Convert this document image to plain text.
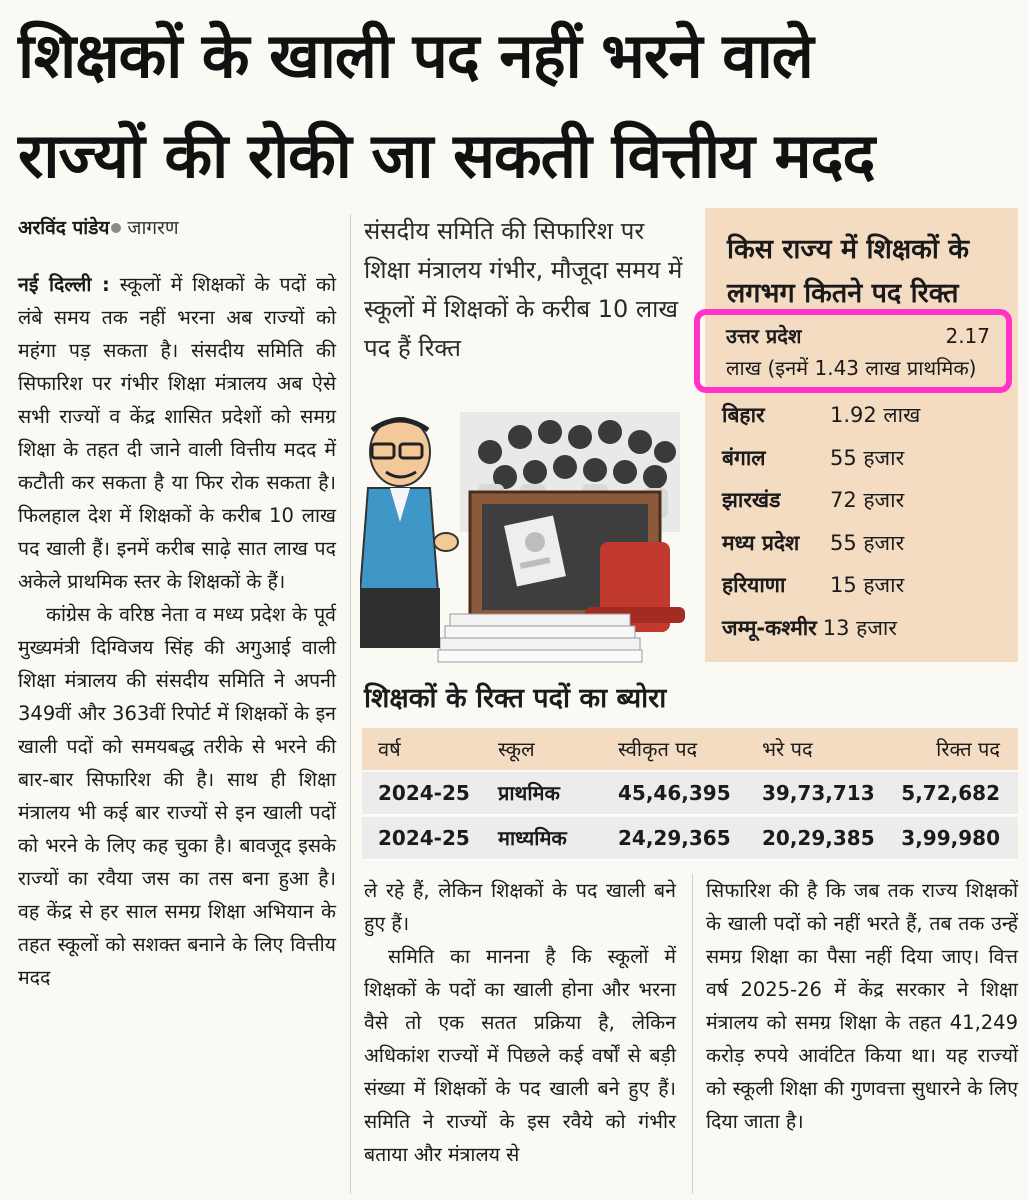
शिक्षकों के खाली पद नहीं भरने वाले
राज्यों की रोकी जा सकती वित्तीय मदद
अरविंद पांडेय जागरण

नई दिल्ली : स्कूलों में शिक्षकों के पदों को लंबे समय तक नहीं भरना अब राज्यों को महंगा पड़ सकता है। संसदीय समिति की सिफारिश पर गंभीर शिक्षा मंत्रालय अब ऐसे सभी राज्यों व केंद्र शासित प्रदेशों को समग्र शिक्षा के तहत दी जाने वाली वित्तीय मदद में कटौती कर सकता है या फिर रोक सकता है। फिलहाल देश में शिक्षकों के करीब 10 लाख पद खाली हैं। इनमें करीब साढ़े सात लाख पद अकेले प्राथमिक स्तर के शिक्षकों के हैं।

कांग्रेस के वरिष्ठ नेता व मध्य प्रदेश के पूर्व मुख्यमंत्री दिग्विजय सिंह की अगुआई वाली शिक्षा मंत्रालय की संसदीय समिति ने अपनी 349वीं और 363वीं रिपोर्ट में शिक्षकों के इन खाली पदों को समयबद्ध तरीके से भरने की बार-बार सिफारिश की है। साथ ही शिक्षा मंत्रालय भी कई बार राज्यों से इन खाली पदों को भरने के लिए कह चुका है। बावजूद इसके राज्यों का रवैया जस का तस बना हुआ है। वह केंद्र से हर साल समग्र शिक्षा अभियान के तहत स्कूलों को सशक्त बनाने के लिए वित्तीय मदद

संसदीय समिति की सिफारिश पर शिक्षा मंत्रालय गंभीर, मौजूदा समय में स्कूलों में शिक्षकों के करीब 10 लाख पद हैं रिक्त
किस राज्य में शिक्षकों के लगभग कितने पद रिक्त
उत्तर प्रदेश	2.17
लाख (इनमें 1.43 लाख प्राथमिक)
बिहार	1.92 लाख
बंगाल	55 हजार
झारखंड 72 हजार
मध्य प्रदेश 55 हजार
हरियाणा 15 हजार
जम्मू-कश्मीर 13 हजार
शिक्षकों के रिक्त पदों का ब्योरा
वर्ष	स्कूल	स्वीकृत पद	भरे पद	रिक्त पद
2024-25 प्राथमिक	45,46,395 39,73,713 5,72,682
2024-25 माध्यमिक	24,29,365 20,29,385 3,99,980

ले रहे हैं, लेकिन शिक्षकों के पद खाली बने हुए हैं।

समिति का मानना है कि स्कूलों में शिक्षकों के पदों का खाली होना और भरना वैसे तो एक सतत प्रक्रिया है, लेकिन अधिकांश राज्यों में पिछले कई वर्षों से बड़ी संख्या में शिक्षकों के पद खाली बने हुए हैं। समिति ने राज्यों के इस रवैये को गंभीर बताया और मंत्रालय से

सिफारिश की है कि जब तक राज्य शिक्षकों के खाली पदों को नहीं भरते हैं, तब तक उन्हें समग्र शिक्षा का पैसा नहीं दिया जाए। वित्त वर्ष 2025-26 में केंद्र सरकार ने शिक्षा मंत्रालय को समग्र शिक्षा के तहत 41,249 करोड़ रुपये आवंटित किया था। यह राज्यों को स्कूली शिक्षा की गुणवत्ता सुधारने के लिए दिया जाता है।
